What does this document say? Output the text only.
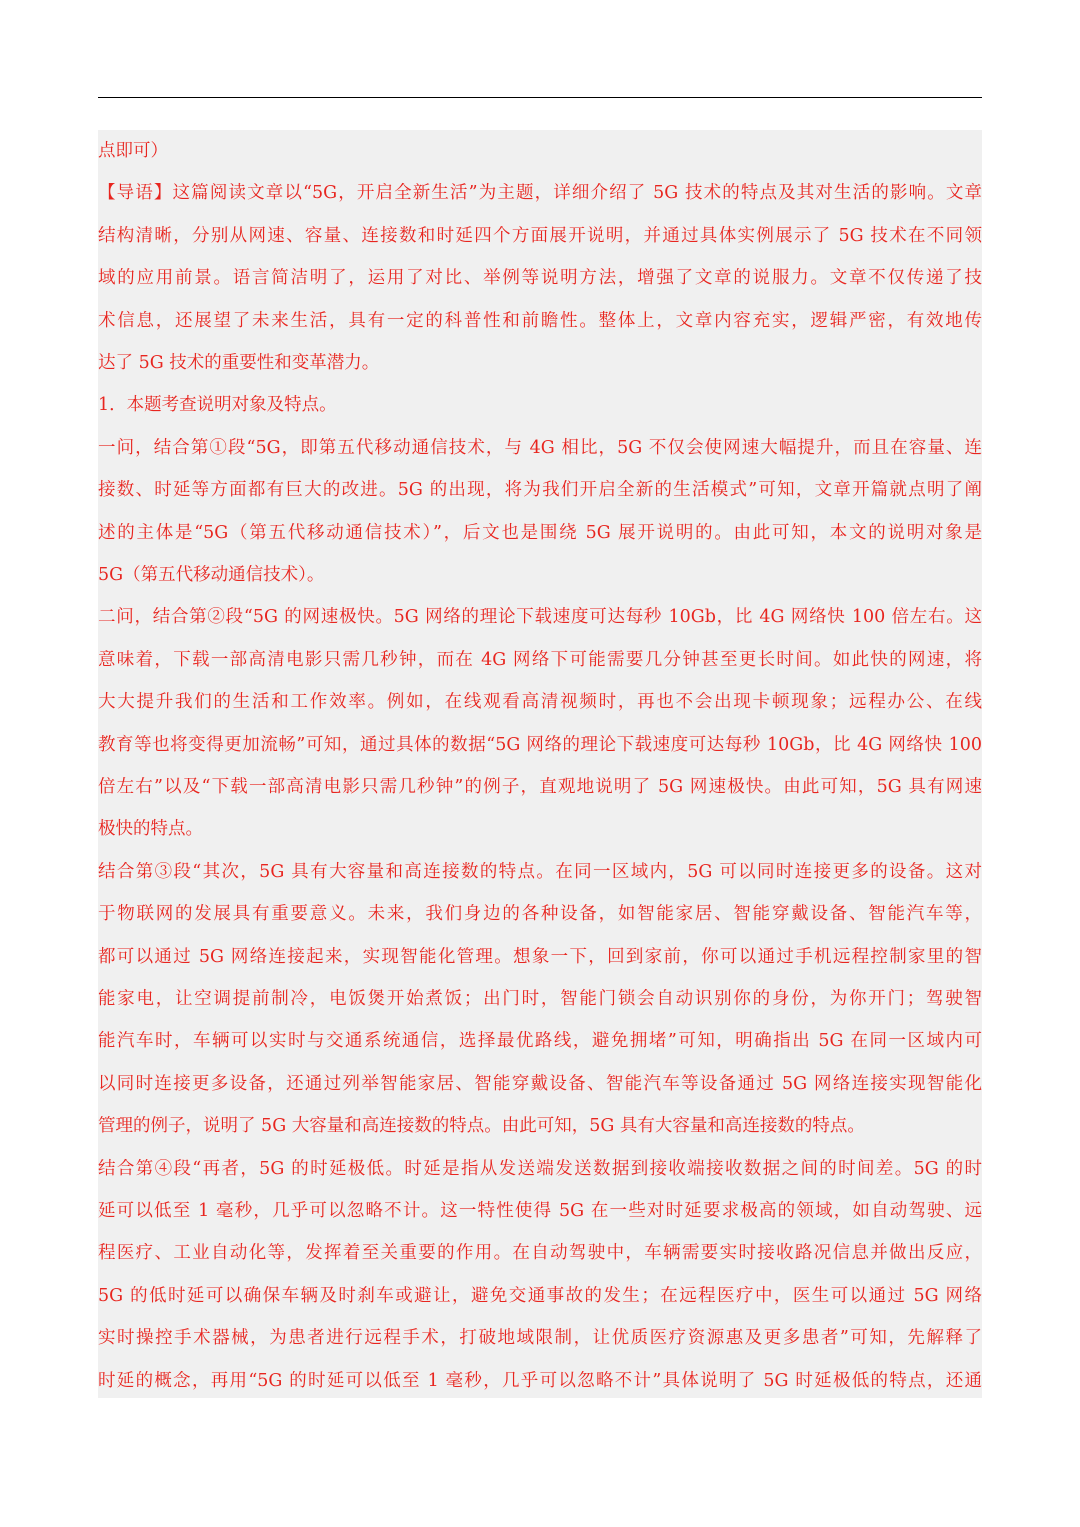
点即可）
【导语】这篇阅读文章以“5G，开启全新生活”为主题，详细介绍了 5G 技术的特点及其对生活的影响。文章
结构清晰，分别从网速、容量、连接数和时延四个方面展开说明，并通过具体实例展示了 5G 技术在不同领
域的应用前景。语言简洁明了，运用了对比、举例等说明方法，增强了文章的说服力。文章不仅传递了技
术信息，还展望了未来生活，具有一定的科普性和前瞻性。整体上，文章内容充实，逻辑严密，有效地传
达了 5G 技术的重要性和变革潜力。
1．本题考查说明对象及特点。
一问，结合第①段“5G，即第五代移动通信技术，与 4G 相比，5G 不仅会使网速大幅提升，而且在容量、连
接数、时延等方面都有巨大的改进。5G 的出现，将为我们开启全新的生活模式”可知，文章开篇就点明了阐
述的主体是“5G（第五代移动通信技术）”，后文也是围绕 5G 展开说明的。由此可知，本文的说明对象是
5G（第五代移动通信技术）。
二问，结合第②段“5G 的网速极快。5G 网络的理论下载速度可达每秒 10Gb，比 4G 网络快 100 倍左右。这
意味着，下载一部高清电影只需几秒钟，而在 4G 网络下可能需要几分钟甚至更长时间。如此快的网速，将
大大提升我们的生活和工作效率。例如，在线观看高清视频时，再也不会出现卡顿现象；远程办公、在线
教育等也将变得更加流畅”可知，通过具体的数据“5G 网络的理论下载速度可达每秒 10Gb，比 4G 网络快 100
倍左右”以及“下载一部高清电影只需几秒钟”的例子，直观地说明了 5G 网速极快。由此可知，5G 具有网速
极快的特点。
结合第③段“其次，5G 具有大容量和高连接数的特点。在同一区域内，5G 可以同时连接更多的设备。这对
于物联网的发展具有重要意义。未来，我们身边的各种设备，如智能家居、智能穿戴设备、智能汽车等，
都可以通过 5G 网络连接起来，实现智能化管理。想象一下，回到家前，你可以通过手机远程控制家里的智
能家电，让空调提前制冷，电饭煲开始煮饭；出门时，智能门锁会自动识别你的身份，为你开门；驾驶智
能汽车时，车辆可以实时与交通系统通信，选择最优路线，避免拥堵”可知，明确指出 5G 在同一区域内可
以同时连接更多设备，还通过列举智能家居、智能穿戴设备、智能汽车等设备通过 5G 网络连接实现智能化
管理的例子，说明了 5G 大容量和高连接数的特点。由此可知，5G 具有大容量和高连接数的特点。
结合第④段“再者，5G 的时延极低。时延是指从发送端发送数据到接收端接收数据之间的时间差。5G 的时
延可以低至 1 毫秒，几乎可以忽略不计。这一特性使得 5G 在一些对时延要求极高的领域，如自动驾驶、远
程医疗、工业自动化等，发挥着至关重要的作用。在自动驾驶中，车辆需要实时接收路况信息并做出反应，
5G 的低时延可以确保车辆及时刹车或避让，避免交通事故的发生；在远程医疗中，医生可以通过 5G 网络
实时操控手术器械，为患者进行远程手术，打破地域限制，让优质医疗资源惠及更多患者”可知，先解释了
时延的概念，再用“5G 的时延可以低至 1 毫秒，几乎可以忽略不计”具体说明了 5G 时延极低的特点，还通
